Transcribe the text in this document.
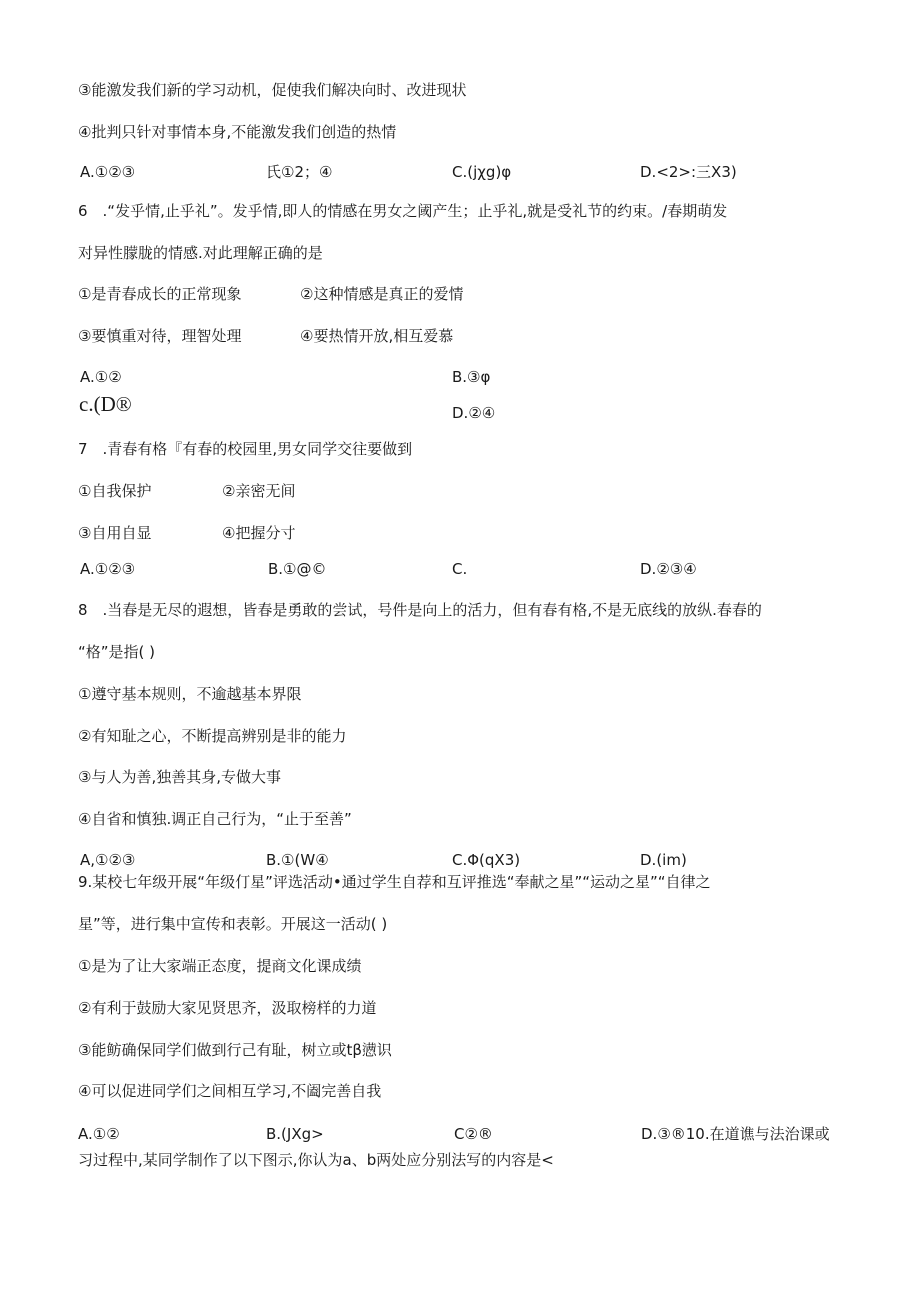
③能激发我们新的学习动机，促使我们解决向时、改进现状
④批判只针对事情本身,不能激发我们创造的热情
A.①②③	氏①2；④	C.(jχg)φ	D.<2>:三X3)
6　.“发乎情,止乎礼”。发乎情,即人的情感在男女之阈产生；止乎礼,就是受礼节的约束。/春期萌发
对异性朦胧的情感.对此理解正确的是
①是青春成长的正常现象	②这种情感是真正的爱情
③要慎重对待，理智处理	④要热情开放,相互爱慕
A.①②	B.③φ
c.(D®	D.②④
7　.青春有格『有春的校园里,男女同学交往要做到
①自我保护	②亲密无间
③自用自显	④把握分寸
A.①②③	B.①@©	C.	D.②③④
8　.当春是无尽的遐想，皆春是勇敢的尝试，号件是向上的活力，但有春有格,不是无底线的放纵.春春的
“格”是指( )
①遵守基本规则，不逾越基本界限
②有知耻之心，不断提高辨别是非的能力
③与人为善,独善其身,专做大事
④自省和慎独.调正自己行为，“止于至善”
A,①②③	B.①(W④	C.Φ(qX3)	D.(im)
9.某校七年级开展“年级仃星”评选活动•通过学生自荐和互评推选“奉献之星”“运动之星”“自律之
星”等，进行集中宣传和表彰。开展这一活动( )
①是为了让大家端正态度，提商文化课成绩
②有利于鼓励大家见贤思齐，汲取榜样的力道
③能鲂确保同学们做到行己有耻，树立或tβ懑识
④可以促进同学们之间相互学习,不阖完善自我
A.①②	B.(JXg>	C②®	D.③®10.在道谯与法治课或
习过程中,某同学制作了以下图示,你认为a、b两处应分别法写的内容是<
